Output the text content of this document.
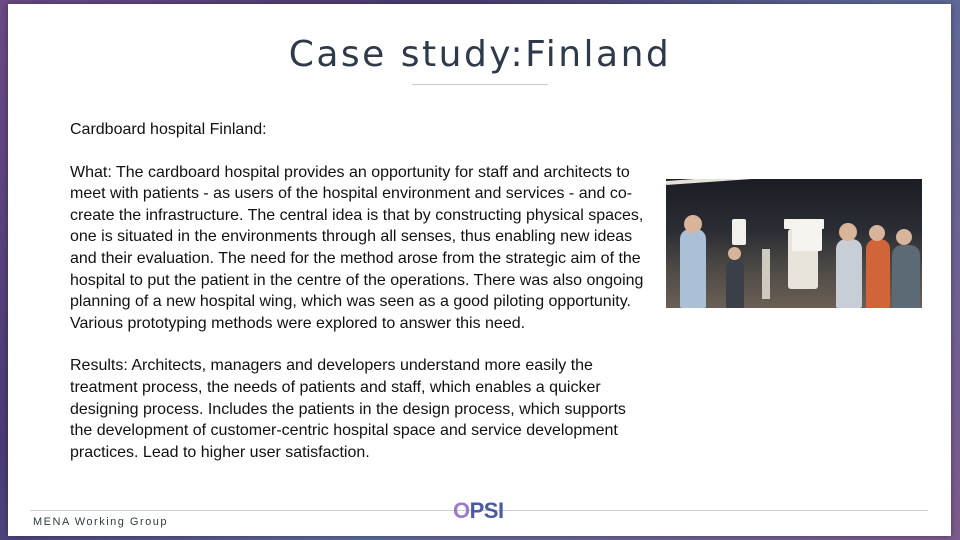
Case study:Finland

Cardboard hospital Finland:

What: The cardboard hospital provides an opportunity for staff and architects to meet with patients - as users of the hospital environment and services - and co-create the infrastructure. The central idea is that by constructing physical spaces, one is situated in the environments through all senses, thus enabling new ideas and their evaluation. The need for the method arose from the strategic aim of the hospital to put the patient in the centre of the operations. There was also ongoing planning of a new hospital wing, which was seen as a good piloting opportunity. Various prototyping methods were explored to answer this need.

Results: Architects, managers and developers understand more easily the treatment process, the needs of patients and staff, which enables a quicker designing process. Includes the patients in the design process, which supports the development of customer-centric hospital space and service development practices. Lead to higher user satisfaction.

MENA Working Group	OPSI
